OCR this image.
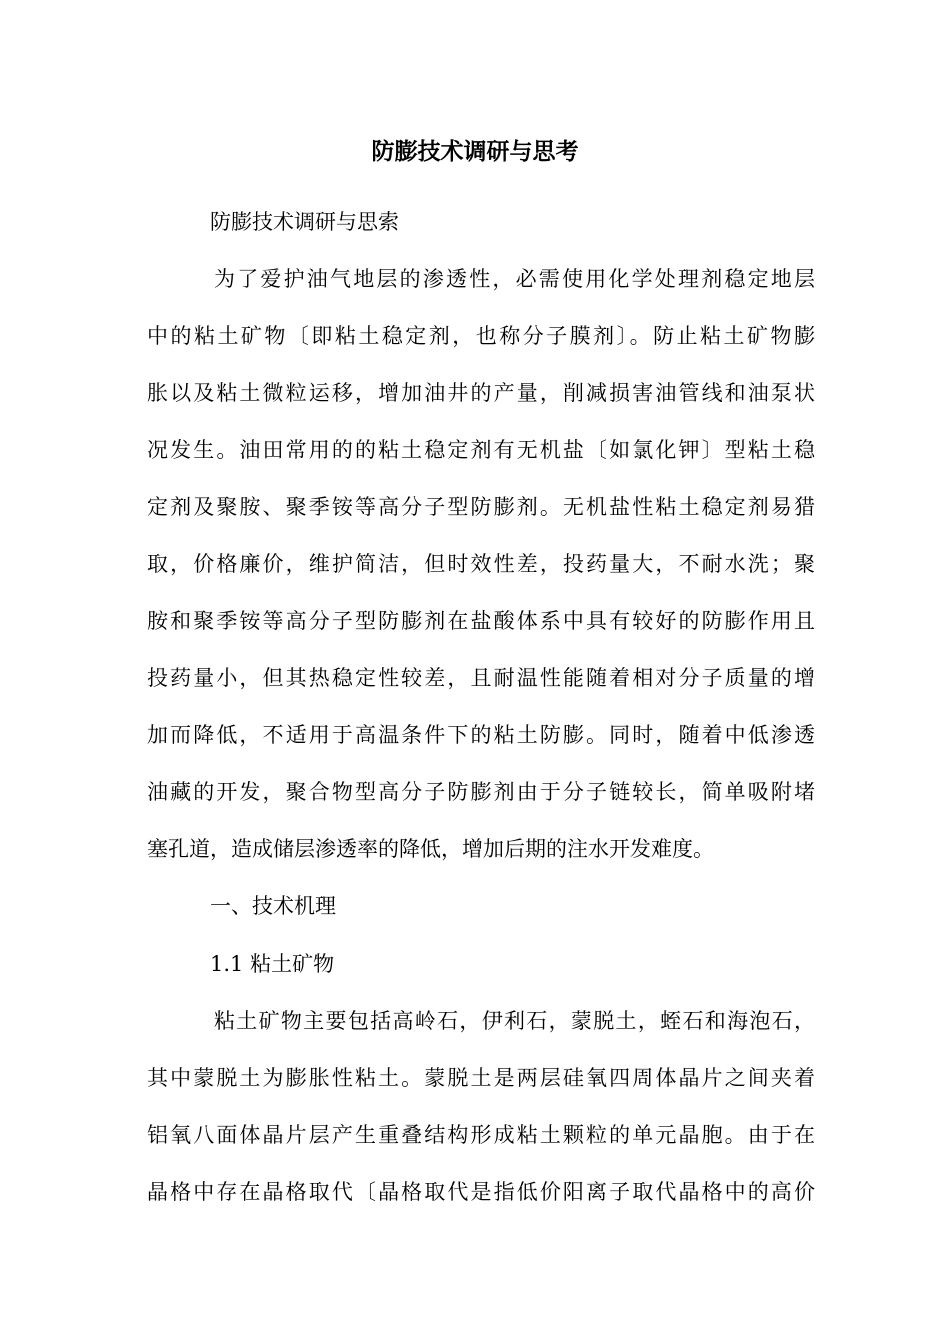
防膨技术调研与思考

防膨技术调研与思索

为了爱护油气地层的渗透性，必需使用化学处理剂稳定地层
中的粘土矿物〔即粘土稳定剂，也称分子膜剂〕。防止粘土矿物膨
胀以及粘土微粒运移，增加油井的产量，削减损害油管线和油泵状
况发生。油田常用的的粘土稳定剂有无机盐〔如氯化钾〕型粘土稳
定剂及聚胺、聚季铵等高分子型防膨剂。无机盐性粘土稳定剂易猎
取，价格廉价，维护简洁，但时效性差，投药量大，不耐水洗；聚
胺和聚季铵等高分子型防膨剂在盐酸体系中具有较好的防膨作用且
投药量小，但其热稳定性较差，且耐温性能随着相对分子质量的增
加而降低，不适用于高温条件下的粘土防膨。同时，随着中低渗透
油藏的开发，聚合物型高分子防膨剂由于分子链较长，简单吸附堵
塞孔道，造成储层渗透率的降低，增加后期的注水开发难度。

一、技术机理

1.1 粘土矿物

粘土矿物主要包括高岭石，伊利石，蒙脱土，蛭石和海泡石，
其中蒙脱土为膨胀性粘土。蒙脱土是两层硅氧四周体晶片之间夹着
铝氧八面体晶片层产生重叠结构形成粘土颗粒的单元晶胞。由于在
晶格中存在晶格取代〔晶格取代是指低价阳离子取代晶格中的高价
